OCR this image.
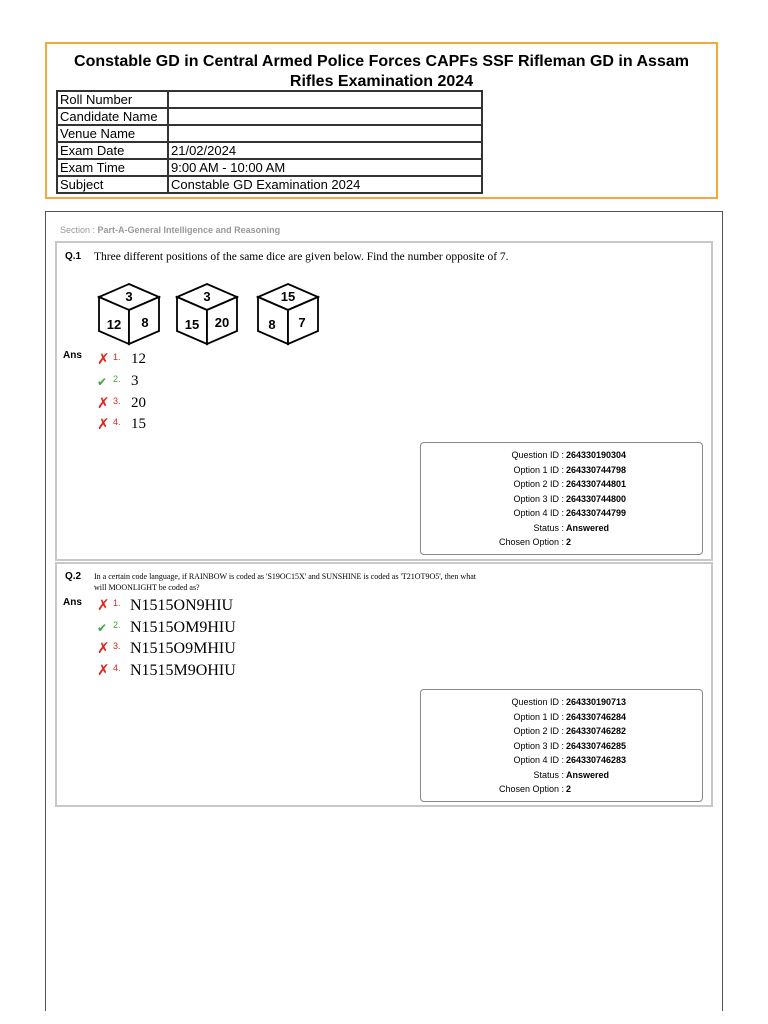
Constable GD in Central Armed Police Forces CAPFs SSF Rifleman GD in Assam
Rifles Examination 2024
Roll Number	
Candidate Name	
Venue Name	
Exam Date	21/02/2024
Exam Time	9:00 AM - 10:00 AM
Subject	Constable GD Examination 2024
Section : Part-A-General Intelligence and Reasoning
Q.1 Three different positions of the same dice are given below. Find the number opposite of 7.
3
12 8
3
15 20
15
8 7
Ans ✗ 1. 12
✔ 2. 3
✗ 3. 20
✗ 4. 15
Question ID : 264330190304
Option 1 ID : 264330744798
Option 2 ID : 264330744801
Option 3 ID : 264330744800
Option 4 ID : 264330744799
Status : Answered
Chosen Option : 2
Q.2 In a certain code language, if RAINBOW is coded as 'S19OC15X' and SUNSHINE is coded as 'T21OT9O5', then what
will MOONLIGHT be coded as?
Ans ✗ 1. N1515ON9HIU
✔ 2. N1515OM9HIU
✗ 3. N1515O9MHIU
✗ 4. N1515M9OHIU
Question ID : 264330190713
Option 1 ID : 264330746284
Option 2 ID : 264330746282
Option 3 ID : 264330746285
Option 4 ID : 264330746283
Status : Answered
Chosen Option : 2
